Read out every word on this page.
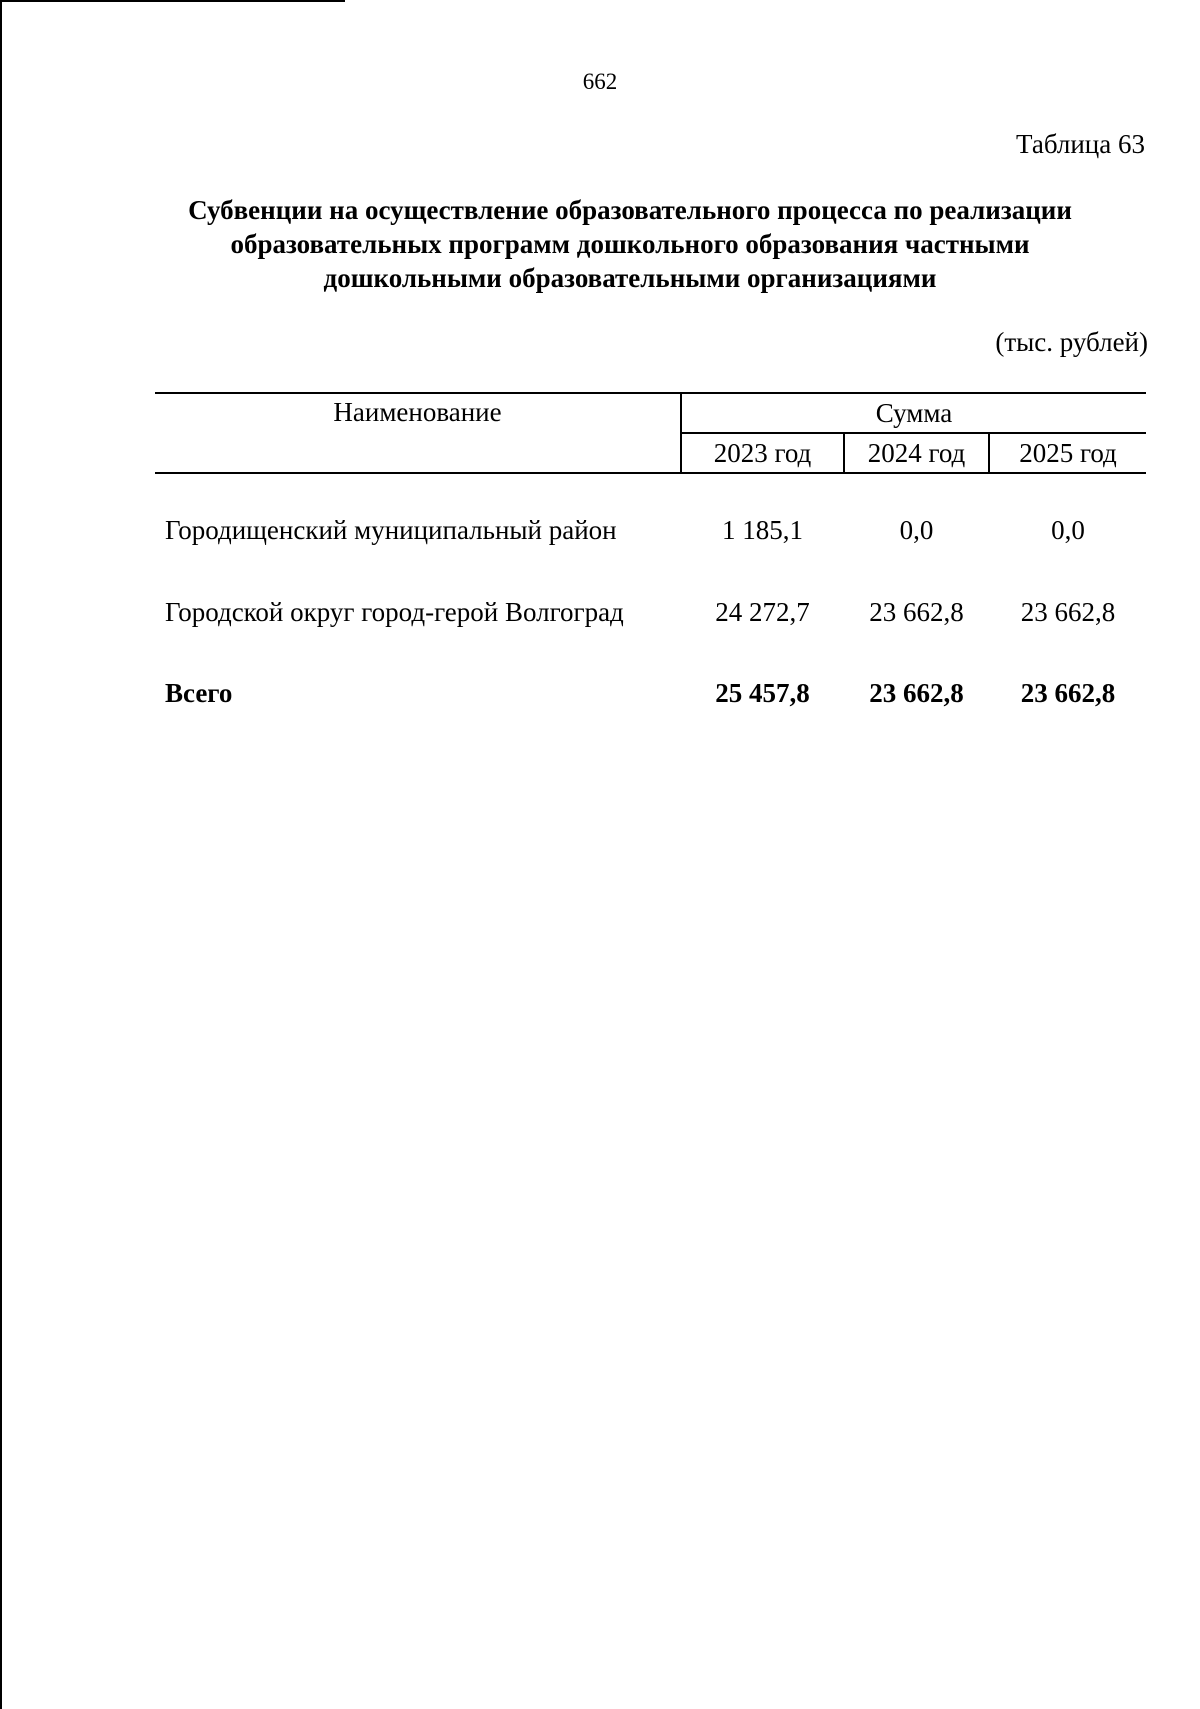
662
Таблица 63
Субвенции на осуществление образовательного процесса по реализации
образовательных программ дошкольного образования частными
дошкольными образовательными организациями
(тыс. рублей)
Наименование	Сумма
2023 год	2024 год	2025 год
Городищенский муниципальный район	1 185,1	0,0	0,0
Городской округ город-герой Волгоград	24 272,7	23 662,8	23 662,8
Всего	25 457,8	23 662,8	23 662,8
